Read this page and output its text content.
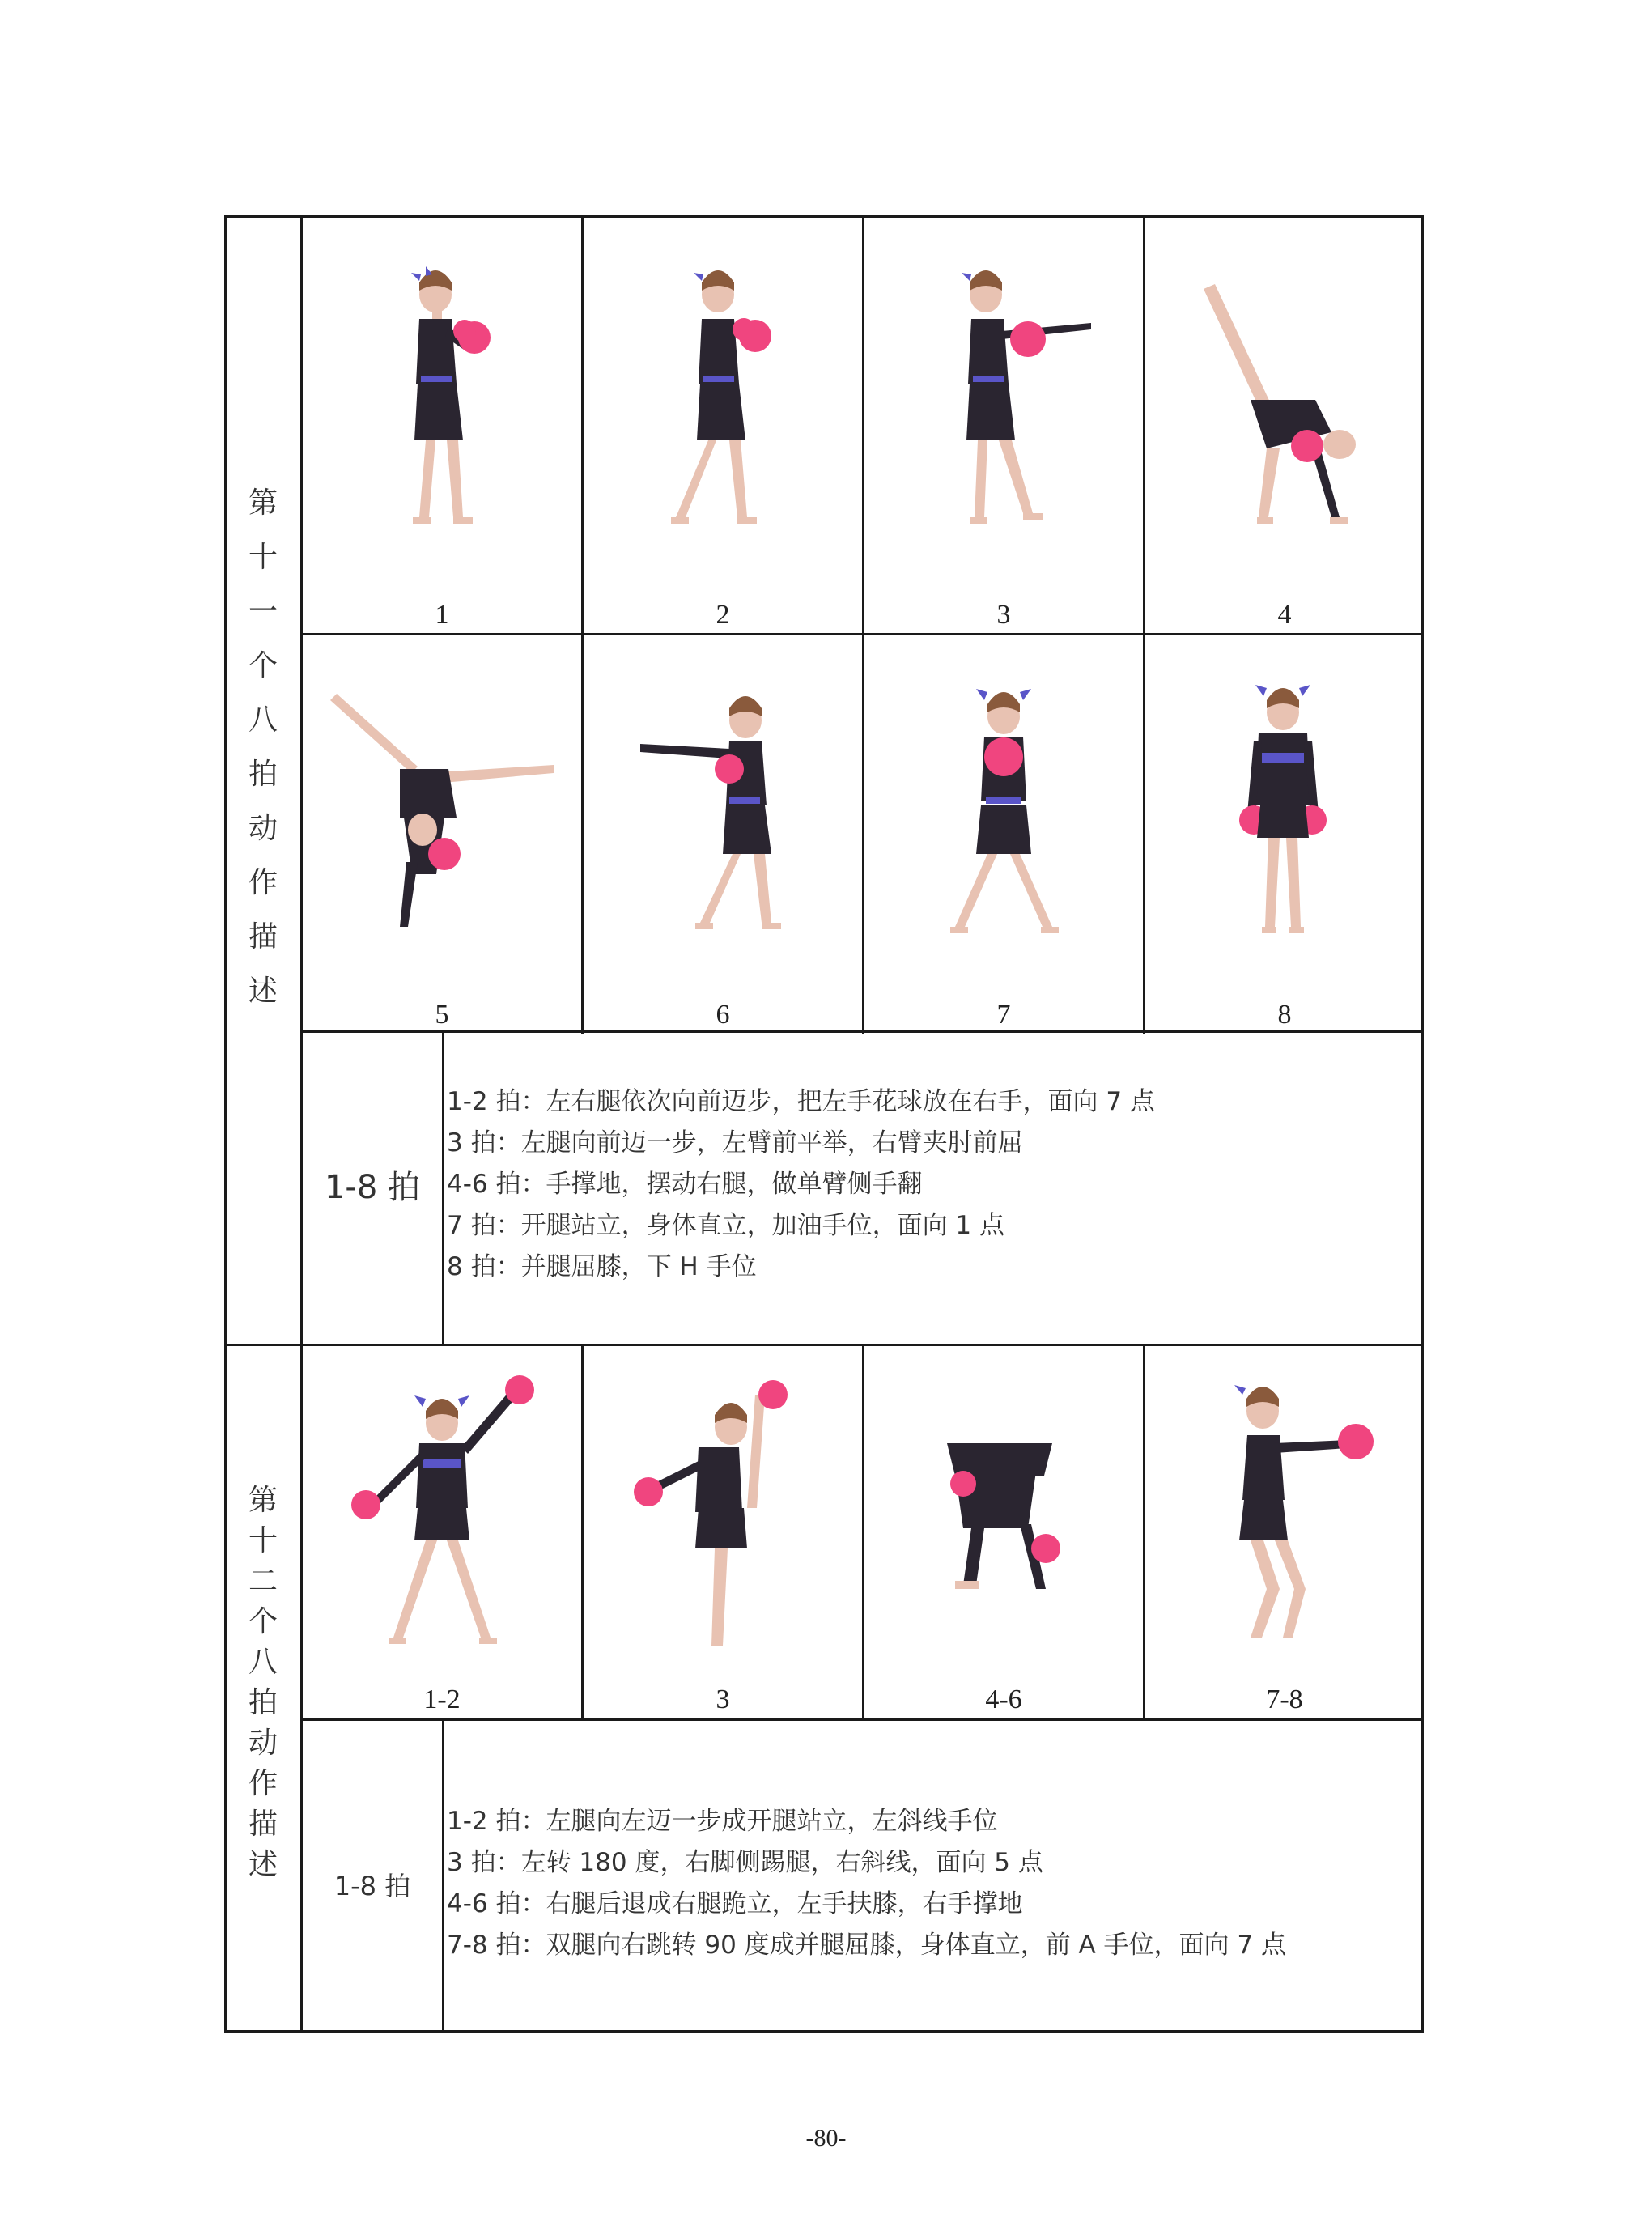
第
十
一
个
八
拍
动
作
描
述
第
十
二
个
八
拍
动
作
描
述
1	2	3	4
5	6	7	8
1-8 拍
1-2 拍：左右腿依次向前迈步，把左手花球放在右手，面向 7 点
3 拍：左腿向前迈一步，左臂前平举，右臂夹肘前屈
4-6 拍：手撑地，摆动右腿，做单臂侧手翻
7 拍：开腿站立，身体直立，加油手位，面向 1 点
8 拍：并腿屈膝，下 H 手位
1-2	3	4-6	7-8
1-8 拍
1-2 拍：左腿向左迈一步成开腿站立，左斜线手位
3 拍：左转 180 度，右脚侧踢腿，右斜线，面向 5 点
4-6 拍：右腿后退成右腿跪立，左手扶膝，右手撑地
7-8 拍：双腿向右跳转 90 度成并腿屈膝，身体直立，前 A 手位，面向 7 点
-80-
